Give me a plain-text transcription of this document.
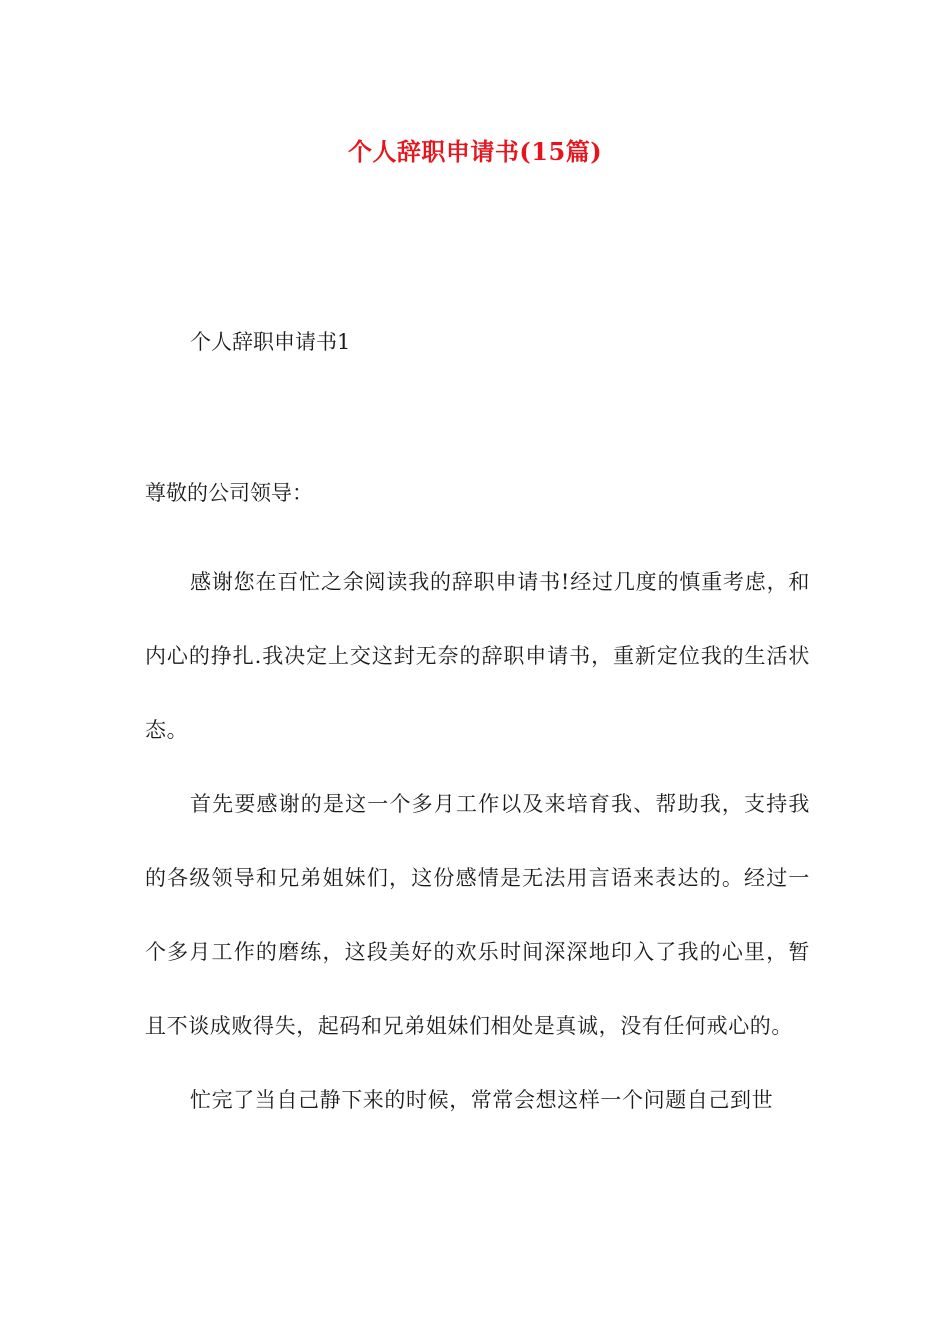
个人辞职申请书(15篇)
个人辞职申请书1
尊敬的公司领导：

感谢您在百忙之余阅读我的辞职申请书!经过几度的慎重考虑，和内心的挣扎.我决定上交这封无奈的辞职申请书，重新定位我的生活状态。

首先要感谢的是这一个多月工作以及来培育我、帮助我，支持我的各级领导和兄弟姐妹们，这份感情是无法用言语来表达的。经过一个多月工作的磨练，这段美好的欢乐时间深深地印入了我的心里，暂且不谈成败得失，起码和兄弟姐妹们相处是真诚，没有任何戒心的。

忙完了当自己静下来的时候，常常会想这样一个问题自己到世
